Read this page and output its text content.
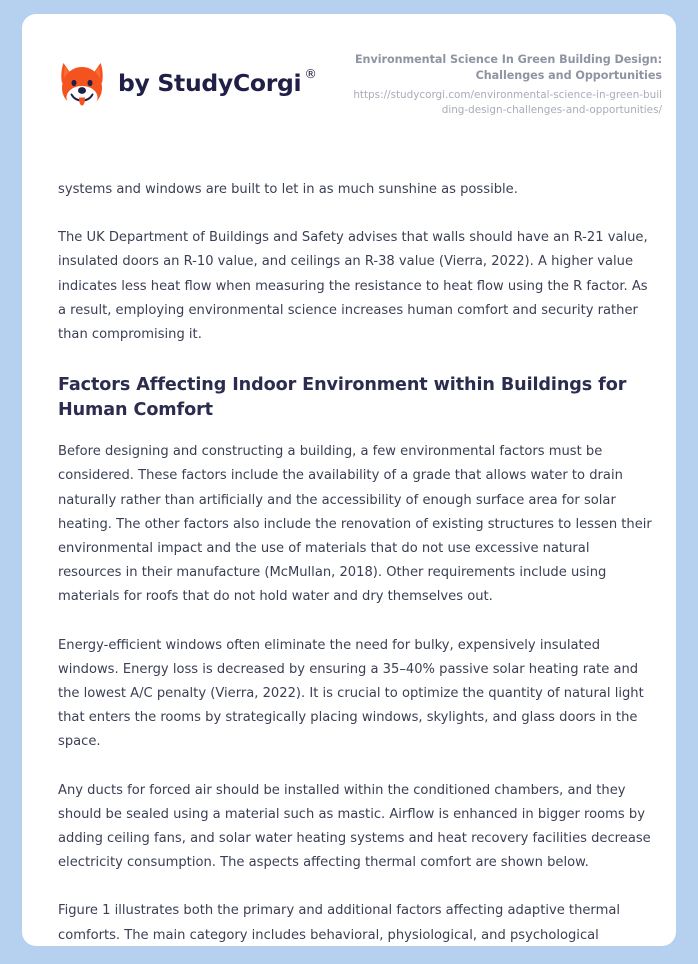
by StudyCorgi ®
Environmental Science In Green Building Design: Challenges and Opportunities
https://studycorgi.com/environmental-science-in-green-building-design-challenges-and-opportunities/

systems and windows are built to let in as much sunshine as possible.

The UK Department of Buildings and Safety advises that walls should have an R-21 value, insulated doors an R-10 value, and ceilings an R-38 value (Vierra, 2022). A higher value indicates less heat flow when measuring the resistance to heat flow using the R factor. As a result, employing environmental science increases human comfort and security rather than compromising it.

Factors Affecting Indoor Environment within Buildings for Human Comfort

Before designing and constructing a building, a few environmental factors must be considered. These factors include the availability of a grade that allows water to drain naturally rather than artificially and the accessibility of enough surface area for solar heating. The other factors also include the renovation of existing structures to lessen their environmental impact and the use of materials that do not use excessive natural resources in their manufacture (McMullan, 2018). Other requirements include using materials for roofs that do not hold water and dry themselves out.

Energy-efficient windows often eliminate the need for bulky, expensively insulated windows. Energy loss is decreased by ensuring a 35–40% passive solar heating rate and the lowest A/C penalty (Vierra, 2022). It is crucial to optimize the quantity of natural light that enters the rooms by strategically placing windows, skylights, and glass doors in the space.

Any ducts for forced air should be installed within the conditioned chambers, and they should be sealed using a material such as mastic. Airflow is enhanced in bigger rooms by adding ceiling fans, and solar water heating systems and heat recovery facilities decrease electricity consumption. The aspects affecting thermal comfort are shown below.

Figure 1 illustrates both the primary and additional factors affecting adaptive thermal comforts. The main category includes behavioral, physiological, and psychological
